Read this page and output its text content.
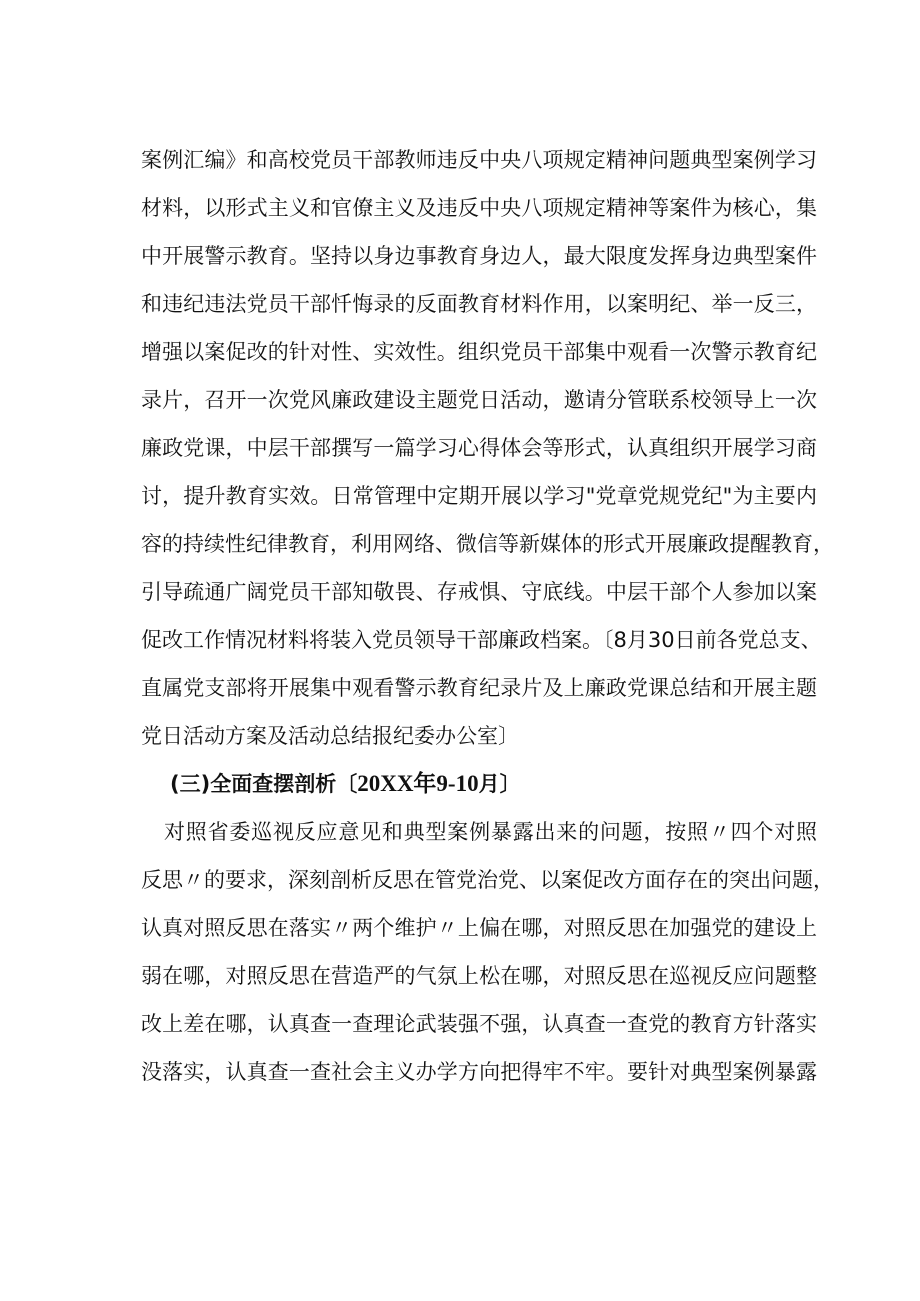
案例汇编》和高校党员干部教师违反中央八项规定精神问题典型案例学习
材料，以形式主义和官僚主义及违反中央八项规定精神等案件为核心，集
中开展警示教育。坚持以身边事教育身边人，最大限度发挥身边典型案件
和违纪违法党员干部忏悔录的反面教育材料作用，以案明纪、举一反三，
增强以案促改的针对性、实效性。组织党员干部集中观看一次警示教育纪
录片，召开一次党风廉政建设主题党日活动，邀请分管联系校领导上一次
廉政党课，中层干部撰写一篇学习心得体会等形式，认真组织开展学习商
讨，提升教育实效。日常管理中定期开展以学习"党章党规党纪"为主要内
容的持续性纪律教育，利用网络、微信等新媒体的形式开展廉政提醒教育，
引导疏通广阔党员干部知敬畏、存戒惧、守底线。中层干部个人参加以案
促改工作情况材料将装入党员领导干部廉政档案。〔8月30日前各党总支、
直属党支部将开展集中观看警示教育纪录片及上廉政党课总结和开展主题
党日活动方案及活动总结报纪委办公室〕
(三)全面查摆剖析〔20XX年9-10月〕
对照省委巡视反应意见和典型案例暴露出来的问题，按照〃四个对照
反思〃的要求，深刻剖析反思在管党治党、以案促改方面存在的突出问题，
认真对照反思在落实〃两个维护〃上偏在哪，对照反思在加强党的建设上
弱在哪，对照反思在营造严的气氛上松在哪，对照反思在巡视反应问题整
改上差在哪，认真查一查理论武装强不强，认真查一查党的教育方针落实
没落实，认真查一查社会主义办学方向把得牢不牢。要针对典型案例暴露
